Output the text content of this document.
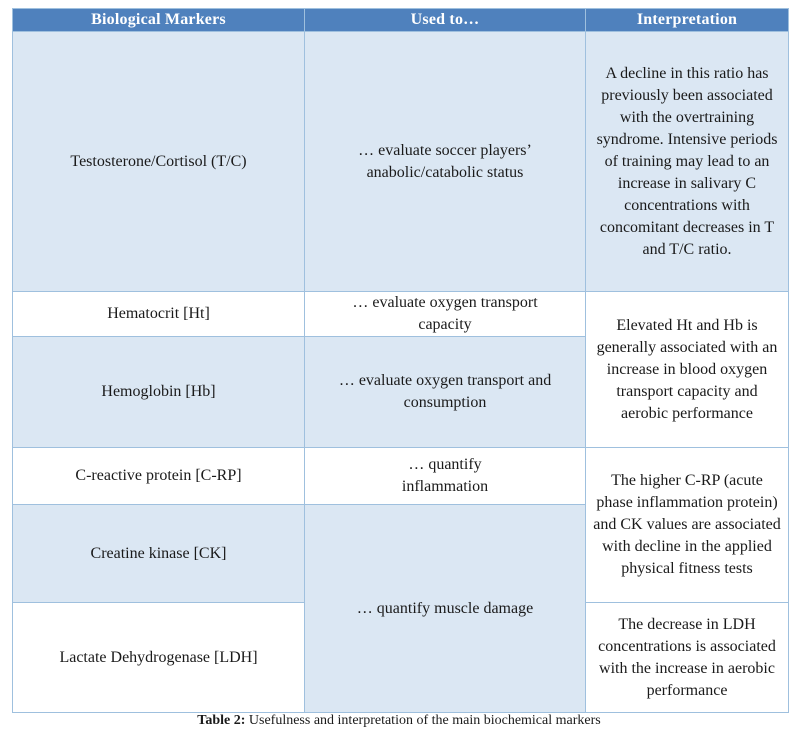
Biological Markers	Used to…	Interpretation
Testosterone/Cortisol (T/C)	… evaluate soccer players’ anabolic/catabolic status	A decline in this ratio has previously been associated with the overtraining syndrome. Intensive periods of training may lead to an increase in salivary C concentrations with concomitant decreases in T and T/C ratio.
Hematocrit [Ht]	… evaluate oxygen transport capacity	Elevated Ht and Hb is generally associated with an increase in blood oxygen transport capacity and aerobic performance
Hemoglobin [Hb]	… evaluate oxygen transport and consumption	
C-reactive protein [C-RP]	… quantify inflammation	The higher C-RP (acute phase inflammation protein) and CK values are associated with decline in the applied physical fitness tests
Creatine kinase [CK]	… quantify muscle damage	
Lactate Dehydrogenase [LDH]		The decrease in LDH concentrations is associated with the increase in aerobic performance
Table 2: Usefulness and interpretation of the main biochemical markers
